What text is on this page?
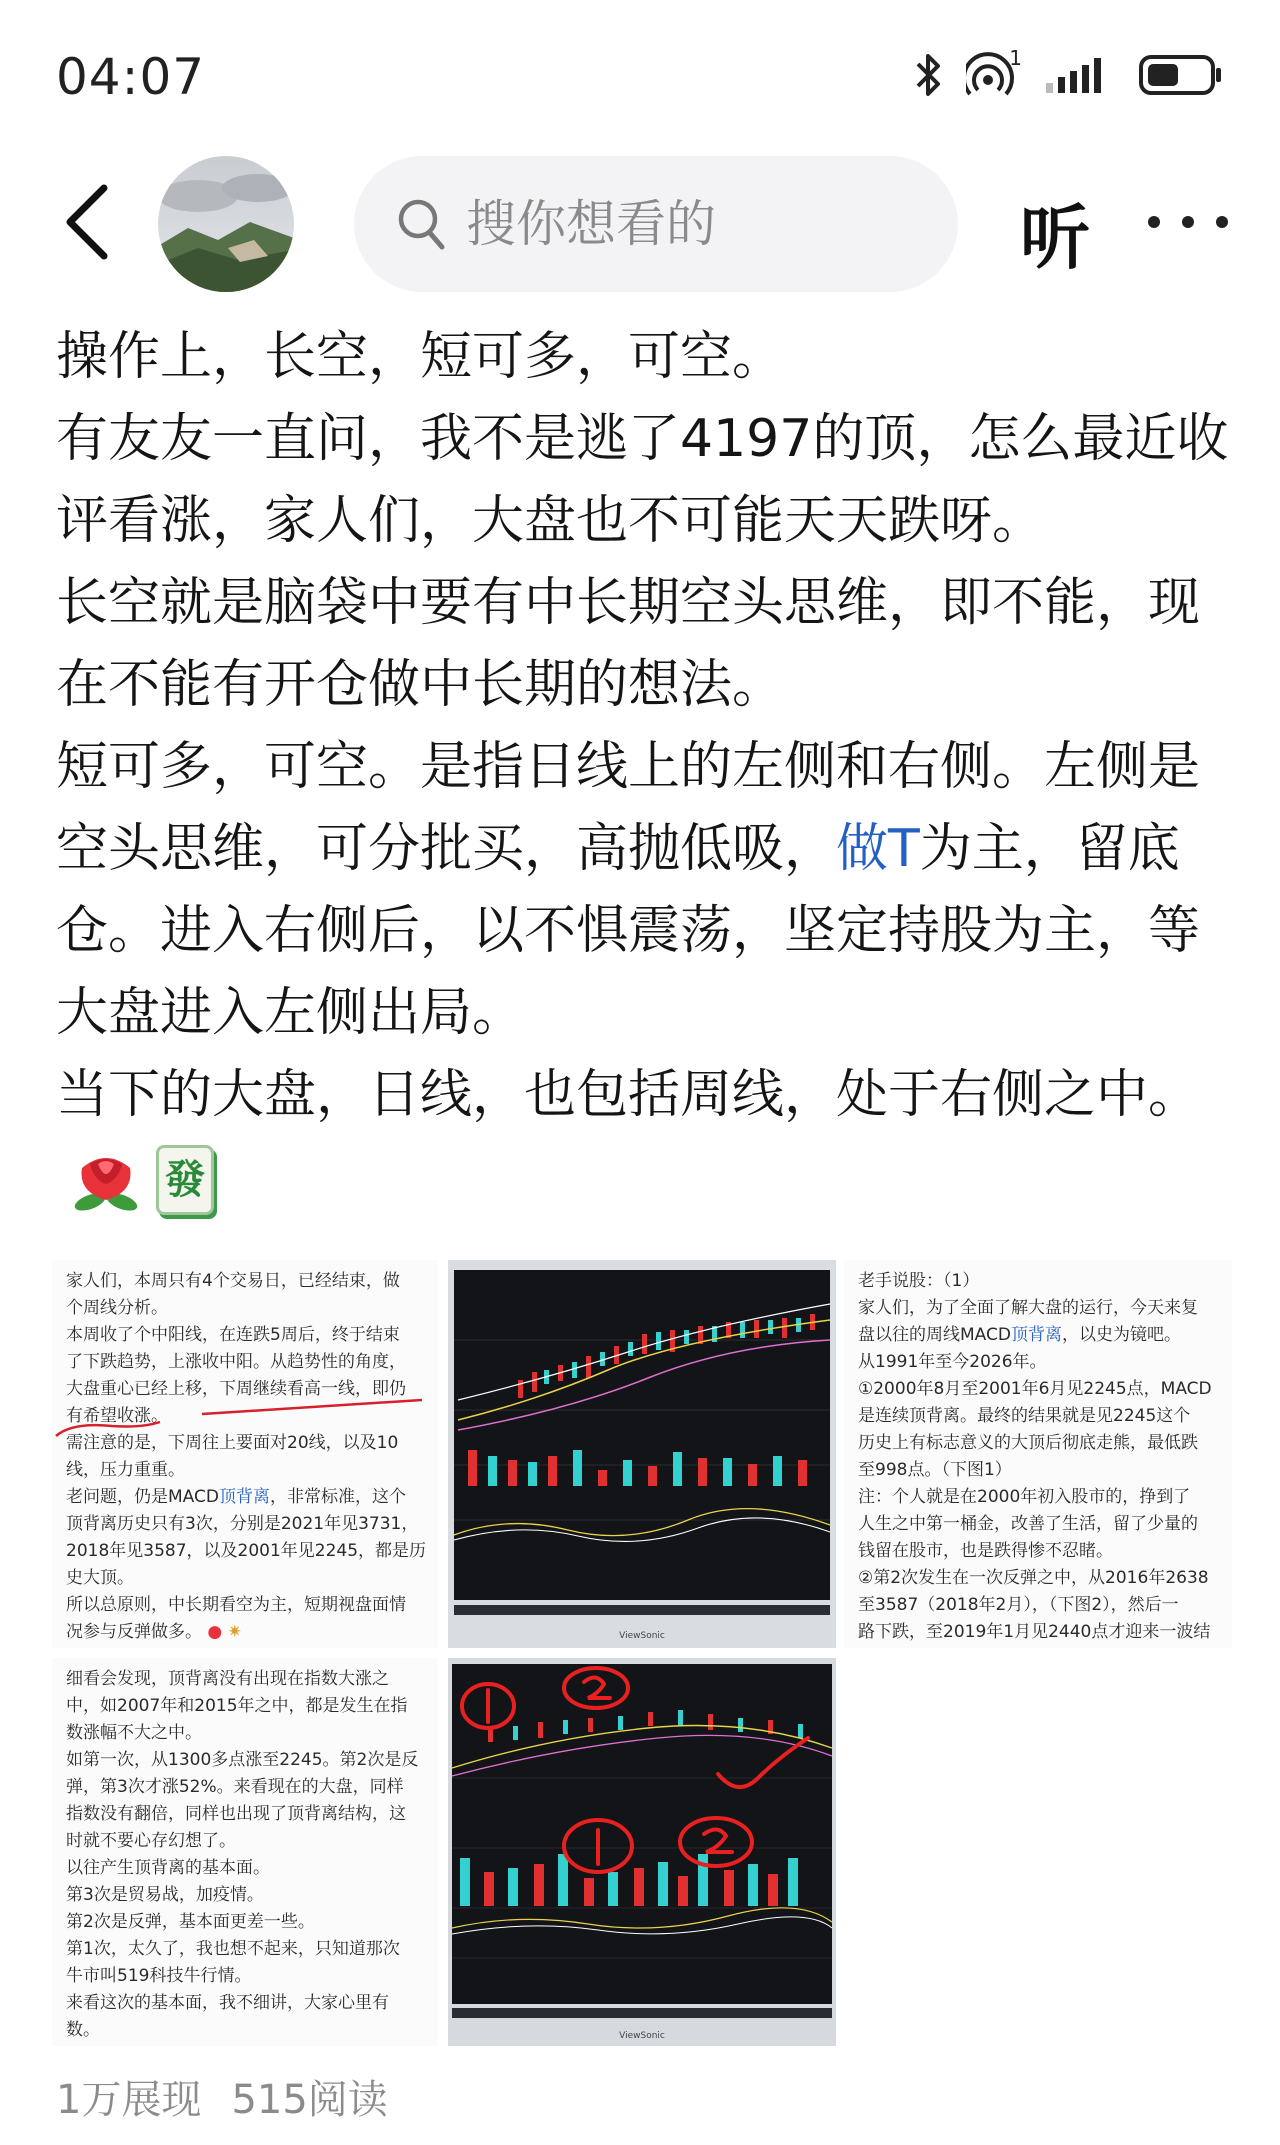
04:07	1
搜你想看的
听

操作上，长空，短可多，可空。

有友友一直问，我不是逃了4197的顶，怎么最近收评看涨，家人们，大盘也不可能天天跌呀。

长空就是脑袋中要有中长期空头思维，即不能，现在不能有开仓做中长期的想法。

短可多，可空。是指日线上的左侧和右侧。左侧是空头思维，可分批买，高抛低吸，做T为主，留底仓。进入右侧后，以不惧震荡，坚定持股为主，等大盘进入左侧出局。

当下的大盘，日线，也包括周线，处于右侧之中。發

家人们，本周只有4个交易日，已经结束，做
个周线分析。
本周收了个中阳线，在连跌5周后，终于结束
了下跌趋势，上涨收中阳。从趋势性的角度，
大盘重心已经上移，下周继续看高一线，即仍
有希望收涨。
需注意的是，下周往上要面对20线，以及10
线，压力重重。
老问题，仍是MACD顶背离，非常标准，这个
顶背离历史只有3次，分别是2021年见3731，
2018年见3587，以及2001年见2245，都是历
史大顶。
所以总原则，中长期看空为主，短期视盘面情
况参与反弹做多。 ● ✷	ViewSonic
老手说股：（1）
家人们，为了全面了解大盘的运行，今天来复
盘以往的周线MACD顶背离，以史为镜吧。
从1991年至今2026年。
①2000年8月至2001年6月见2245点，MACD
是连续顶背离。最终的结果就是见2245这个
历史上有标志意义的大顶后彻底走熊，最低跌
至998点。（下图1）
注：个人就是在2000年初入股市的，挣到了
人生之中第一桶金，改善了生活，留了少量的
钱留在股市，也是跌得惨不忍睹。
②第2次发生在一次反弹之中，从2016年2638
至3587（2018年2月），（下图2），然后一
路下跌，至2019年1月见2440点才迎来一波结
细看会发现，顶背离没有出现在指数大涨之
中，如2007年和2015年之中，都是发生在指
数涨幅不大之中。
如第一次，从1300多点涨至2245。第2次是反
弹，第3次才涨52%。来看现在的大盘，同样
指数没有翻倍，同样也出现了顶背离结构，这
时就不要心存幻想了。
以往产生顶背离的基本面。
第3次是贸易战，加疫情。
第2次是反弹，基本面更差一些。
第1次，太久了，我也想不起来，只知道那次
牛市叫519科技牛行情。
来看这次的基本面，我不细讲，大家心里有
数。	ViewSonic
1万展现 515阅读
